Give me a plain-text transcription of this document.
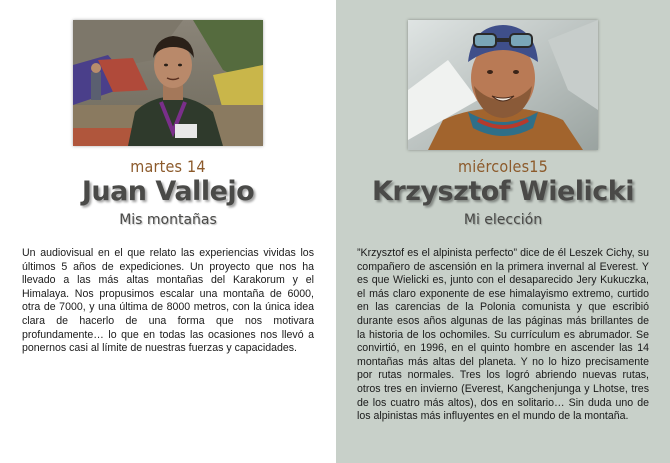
martes 14
Juan Vallejo
Mis montañas

Un audiovisual en el que relato las experiencias vividas los últimos 5 años de expediciones. Un proyecto que nos ha llevado a las más altas montañas del Karakorum y el Himalaya. Nos propusimos escalar una montaña de 6000, otra de 7000, y una última de 8000 metros, con la única idea clara de hacerlo de una forma que nos motivara profundamente… lo que en todas las ocasiones nos llevó a ponernos casi al límite de nuestras fuerzas y capacidades.

miércoles15
Krzysztof Wielicki
Mi elección

”Krzysztof es el alpinista perfecto” dice de él Leszek Cichy, su compañero de ascensión en la primera invernal al Everest. Y es que Wielicki es, junto con el desaparecido Jery Kukuczka, el más claro exponente de ese himalayismo extremo, curtido en las carencias de la Polonia comunista y que escribió durante esos años algunas de las páginas más brillantes de la historia de los ochomiles. Su currículum es abrumador. Se convirtió, en 1996, en el quinto hombre en ascender las 14 montañas más altas del planeta. Y no lo hizo precisamente por rutas normales. Tres los logró abriendo nuevas rutas, otros tres en invierno (Everest, Kangchenjunga y Lhotse, tres de los cuatro más altos), dos en solitario… Sin duda uno de los alpinistas más influyentes en el mundo de la montaña.
